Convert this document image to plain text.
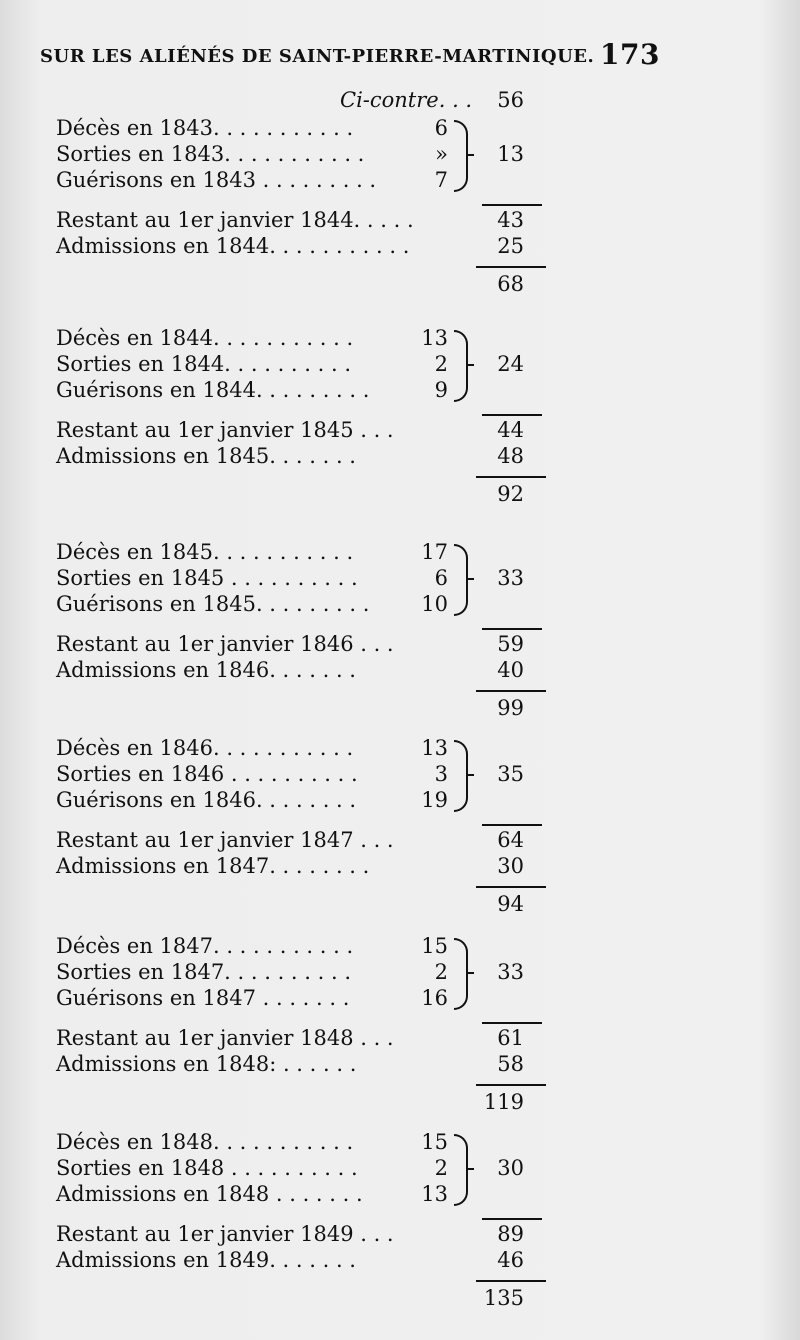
SUR LES ALIÉNÉS DE SAINT-PIERRE-MARTINIQUE. 173
Ci-contre. . .	56
Décès en 1843. . . . . . . . . . .	6
Sorties en 1843. . . . . . . . . . .	»
Guérisons en 1843 . . . . . . . . .	7
13
Restant au 1er janvier 1844. . . . .	43
Admissions en 1844. . . . . . . . . . .	25
68
Décès en 1844. . . . . . . . . . .	13
Sorties en 1844. . . . . . . . . .	2
Guérisons en 1844. . . . . . . . .	9
24
Restant au 1er janvier 1845 . . .	44
Admissions en 1845. . . . . . .	48
92
Décès en 1845. . . . . . . . . . .	17
Sorties en 1845 . . . . . . . . . .	6
Guérisons en 1845. . . . . . . . .	10
33
Restant au 1er janvier 1846 . . .	59
Admissions en 1846. . . . . . .	40
99
Décès en 1846. . . . . . . . . . .	13
Sorties en 1846 . . . . . . . . . .	3
Guérisons en 1846. . . . . . . .	19
35
Restant au 1er janvier 1847 . . .	64
Admissions en 1847. . . . . . . .	30
94
Décès en 1847. . . . . . . . . . .	15
Sorties en 1847. . . . . . . . . .	2
Guérisons en 1847 . . . . . . .	16
33
Restant au 1er janvier 1848 . . .	61
Admissions en 1848: . . . . . .	58
119
Décès en 1848. . . . . . . . . . .	15
Sorties en 1848 . . . . . . . . . .	2
Admissions en 1848 . . . . . . .	13
30
Restant au 1er janvier 1849 . . .	89
Admissions en 1849. . . . . . .	46
135
